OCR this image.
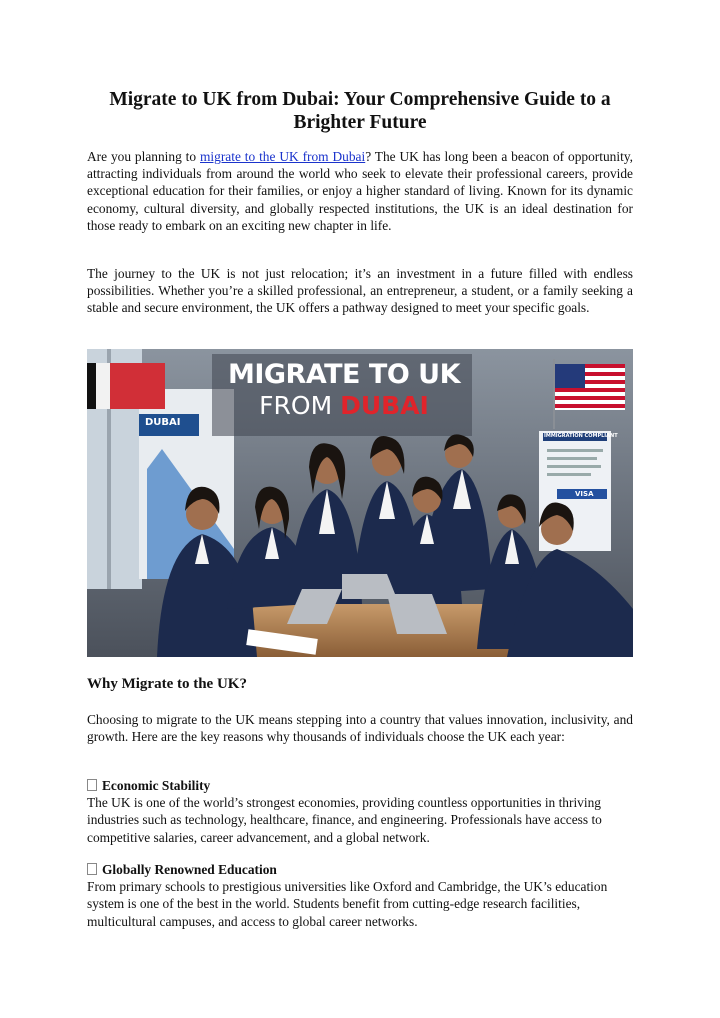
Migrate to UK from Dubai: Your Comprehensive Guide to a Brighter Future

Are you planning to migrate to the UK from Dubai? The UK has long been a beacon of opportunity, attracting individuals from around the world who seek to elevate their professional careers, provide exceptional education for their families, or enjoy a higher standard of living. Known for its dynamic economy, cultural diversity, and globally respected institutions, the UK is an ideal destination for those ready to embark on an exciting new chapter in life.

The journey to the UK is not just relocation; it’s an investment in a future filled with endless possibilities. Whether you’re a skilled professional, an entrepreneur, a student, or a family seeking a stable and secure environment, the UK offers a pathway designed to meet your specific goals.

MIGRATE TO UK
FROM DUBAI
DUBAI
IMMIGRATION COMPLIANT
VISA
Why Migrate to the UK?

Choosing to migrate to the UK means stepping into a country that values innovation, inclusivity, and growth. Here are the key reasons why thousands of individuals choose the UK each year:

Economic Stability
The UK is one of the world’s strongest economies, providing countless opportunities in thriving industries such as technology, healthcare, finance, and engineering. Professionals have access to competitive salaries, career advancement, and a global network.

Globally Renowned Education
From primary schools to prestigious universities like Oxford and Cambridge, the UK’s education system is one of the best in the world. Students benefit from cutting-edge research facilities, multicultural campuses, and access to global career networks.
